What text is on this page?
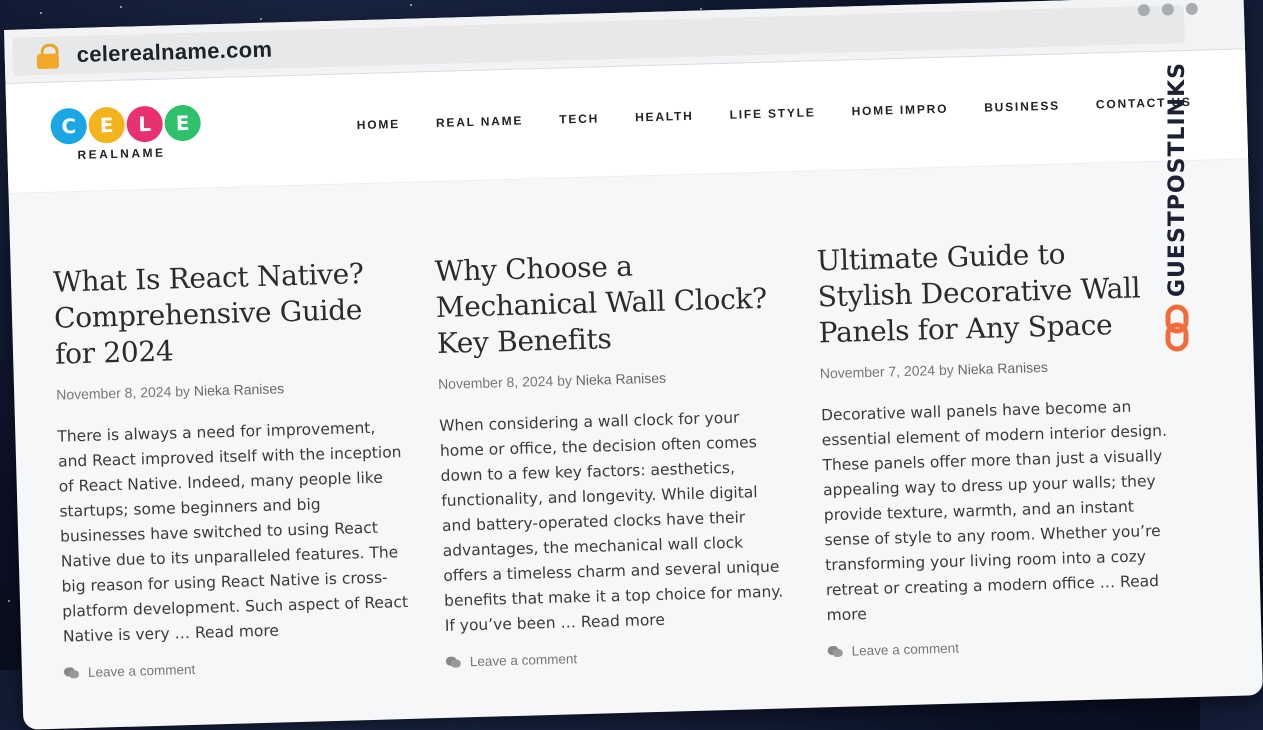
celerealname.com
C	E	L	E
REALNAME
HOME	REAL NAME	TECH	HEALTH	LIFE STYLE	HOME IMPRO	BUSINESS	CONTACT US
What Is React Native? Comprehensive Guide for 2024
November 8, 2024 by Nieka Ranises

There is always a need for improvement, and React improved itself with the inception of React Native. Indeed, many people like startups; some beginners and big businesses have switched to using React Native due to its unparalleled features. The big reason for using React Native is cross-platform development. Such aspect of React Native is very … Read more

Leave a comment
Why Choose a Mechanical Wall Clock? Key Benefits
November 8, 2024 by Nieka Ranises

When considering a wall clock for your home or office, the decision often comes down to a few key factors: aesthetics, functionality, and longevity. While digital and battery-operated clocks have their advantages, the mechanical wall clock offers a timeless charm and several unique benefits that make it a top choice for many. If you’ve been … Read more

Leave a comment
Ultimate Guide to Stylish Decorative Wall Panels for Any Space
November 7, 2024 by Nieka Ranises

Decorative wall panels have become an essential element of modern interior design. These panels offer more than just a visually appealing way to dress up your walls; they provide texture, warmth, and an instant sense of style to any room. Whether you’re transforming your living room into a cozy retreat or creating a modern office … Read more

Leave a comment
GUESTPOSTLINKS
